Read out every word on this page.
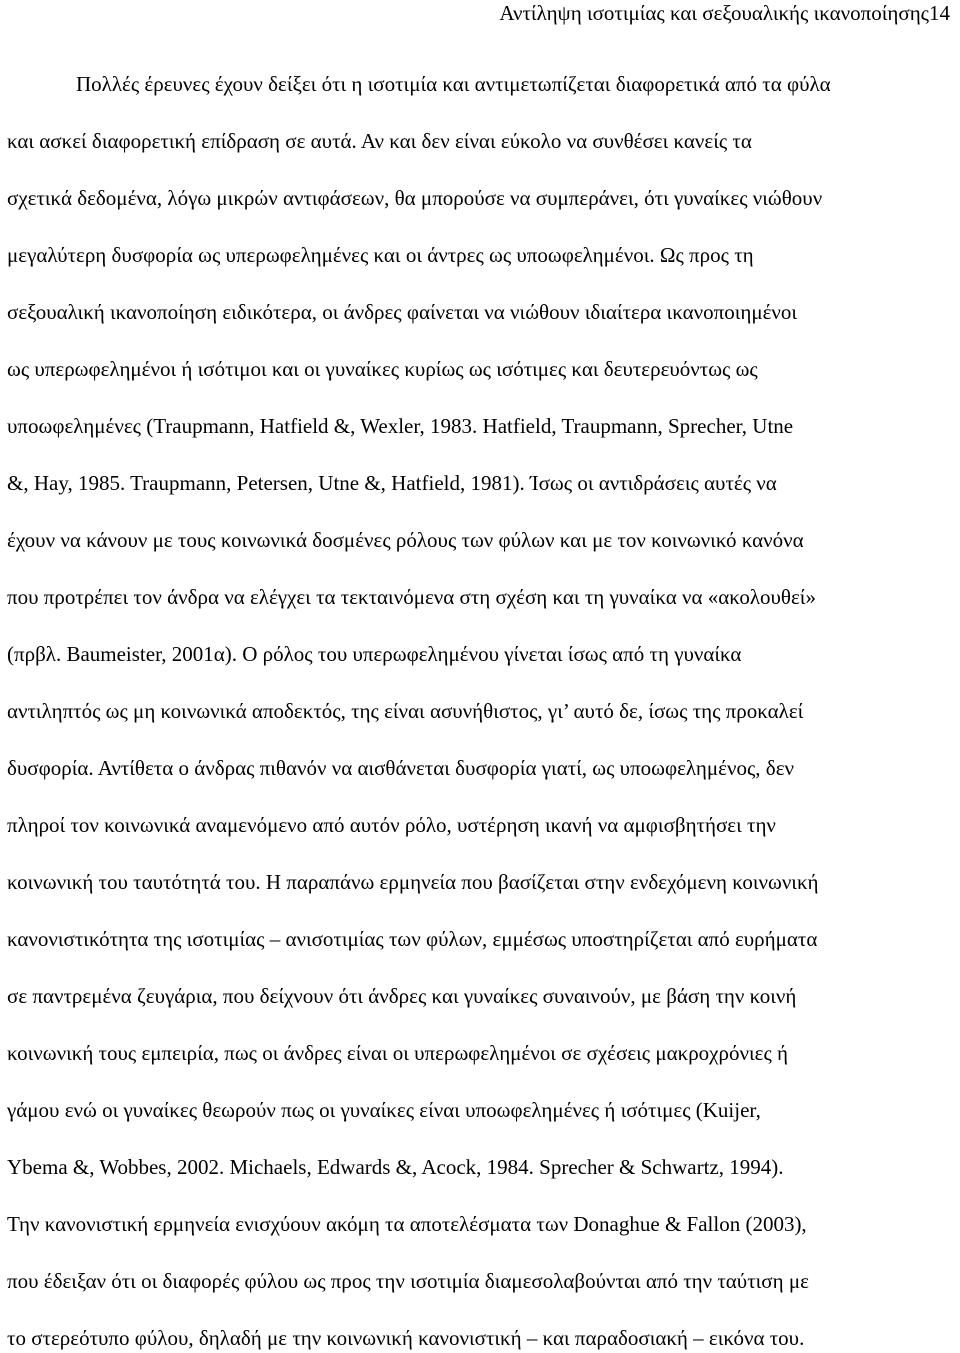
Αντίληψη ισοτιμίας και σεξουαλικής ικανοποίησης14
Πολλές έρευνες έχουν δείξει ότι η ισοτιμία και αντιμετωπίζεται διαφορετικά από τα φύλα
και ασκεί διαφορετική επίδραση σε αυτά. Αν και δεν είναι εύκολο να συνθέσει κανείς τα
σχετικά δεδομένα, λόγω μικρών αντιφάσεων, θα μπορούσε να συμπεράνει, ότι γυναίκες νιώθουν
μεγαλύτερη δυσφορία ως υπερωφελημένες και οι άντρες ως υποωφελημένοι. Ως προς τη
σεξουαλική ικανοποίηση ειδικότερα, οι άνδρες φαίνεται να νιώθουν ιδιαίτερα ικανοποιημένοι
ως υπερωφελημένοι ή ισότιμοι και οι γυναίκες κυρίως ως ισότιμες και δευτερευόντως ως
υποωφελημένες (Traupmann, Hatfield &, Wexler, 1983. Hatfield, Traupmann, Sprecher, Utne
&, Hay, 1985. Traupmann, Petersen, Utne &, Hatfield, 1981). Ίσως οι αντιδράσεις αυτές να
έχουν να κάνουν με τους κοινωνικά δοσμένες ρόλους των φύλων και με τον κοινωνικό κανόνα
που προτρέπει τον άνδρα να ελέγχει τα τεκταινόμενα στη σχέση και τη γυναίκα να «ακολουθεί»
(πρβλ. Baumeister, 2001α). Ο ρόλος του υπερωφελημένου γίνεται ίσως από τη γυναίκα
αντιληπτός ως μη κοινωνικά αποδεκτός, της είναι ασυνήθιστος, γι’ αυτό δε, ίσως της προκαλεί
δυσφορία. Αντίθετα ο άνδρας πιθανόν να αισθάνεται δυσφορία γιατί, ως υποωφελημένος, δεν
πληροί τον κοινωνικά αναμενόμενο από αυτόν ρόλο, υστέρηση ικανή να αμφισβητήσει την
κοινωνική του ταυτότητά του. Η παραπάνω ερμηνεία που βασίζεται στην ενδεχόμενη κοινωνική
κανονιστικότητα της ισοτιμίας – ανισοτιμίας των φύλων, εμμέσως υποστηρίζεται από ευρήματα
σε παντρεμένα ζευγάρια, που δείχνουν ότι άνδρες και γυναίκες συναινούν, με βάση την κοινή
κοινωνική τους εμπειρία, πως οι άνδρες είναι οι υπερωφελημένοι σε σχέσεις μακροχρόνιες ή
γάμου ενώ οι γυναίκες θεωρούν πως οι γυναίκες είναι υποωφελημένες ή ισότιμες (Kuijer,
Ybema &, Wobbes, 2002. Michaels, Edwards &, Acock, 1984. Sprecher & Schwartz, 1994).
Την κανονιστική ερμηνεία ενισχύουν ακόμη τα αποτελέσματα των Donaghue & Fallon (2003),
που έδειξαν ότι οι διαφορές φύλου ως προς την ισοτιμία διαμεσολαβούνται από την ταύτιση με
το στερεότυπο φύλου, δηλαδή με την κοινωνική κανονιστική – και παραδοσιακή – εικόνα του.
